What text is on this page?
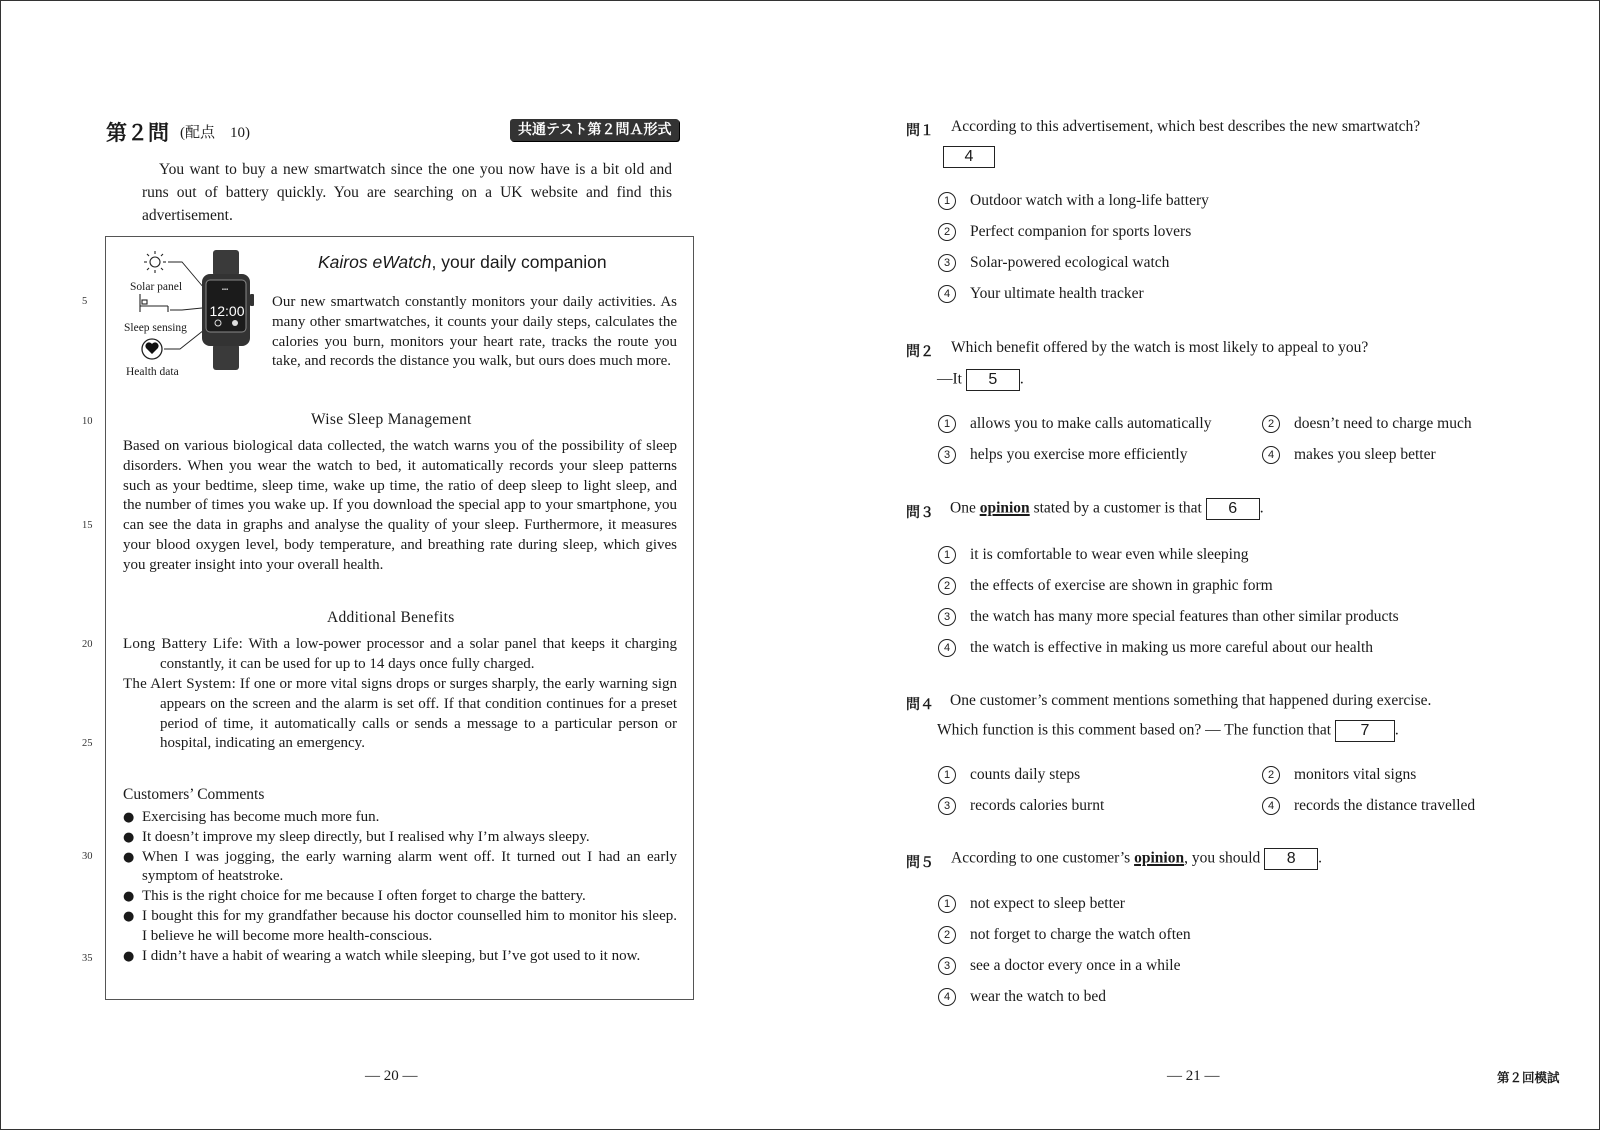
第２問 (配点　10)	共通テスト第２問Ａ形式
You want to buy a new smartwatch since the one you now have is a bit old and runs out of battery quickly. You are searching on a UK website and find this advertisement.
▪▪▪
12:00
Solar panel
Sleep sensing
Health data
Kairos eWatch, your daily companion
Our new smartwatch constantly monitors your daily activities. As many other smartwatches, it counts your daily steps, calculates the calories you burn, monitors your heart rate, tracks the route you take, and records the distance you walk, but ours does much more.
Wise Sleep Management
Based on various biological data collected, the watch warns you of the possibility of sleep disorders. When you wear the watch to bed, it automatically records your sleep patterns such as your bedtime, sleep time, wake up time, the ratio of deep sleep to light sleep, and the number of times you wake up. If you download the special app to your smartphone, you can see the data in graphs and analyse the quality of your sleep. Furthermore, it measures your blood oxygen level, body temperature, and breathing rate during sleep, which gives you greater insight into your overall health.
Additional Benefits
Long Battery Life: With a low-power processor and a solar panel that keeps it charging constantly, it can be used for up to 14 days once fully charged.
The Alert System: If one or more vital signs drops or surges sharply, the early warning sign appears on the screen and the alarm is set off. If that condition continues for a preset period of time, it automatically calls or sends a message to a particular person or hospital, indicating an emergency.
Customers’ Comments
● Exercising has become much more fun.
● It doesn’t improve my sleep directly, but I realised why I’m always sleepy.
● When I was jogging, the early warning alarm went off. It turned out I had an early symptom of heatstroke.
● This is the right choice for me because I often forget to charge the battery.
● I bought this for my grandfather because his doctor counselled him to monitor his sleep. I believe he will become more health-conscious.
● I didn’t have a habit of wearing a watch while sleeping, but I’ve got used to it now.
5
10
15
20
25
30
35
— 20 —
問１ According to this advertisement, which best describes the new smartwatch?
4
1 Outdoor watch with a long-life battery
2 Perfect companion for sports lovers
3 Solar-powered ecological watch
4 Your ultimate health tracker
問２ Which benefit offered by the watch is most likely to appeal to you?
—It 5 .
1 allows you to make calls automatically	2 doesn’t need to charge much
3 helps you exercise more efficiently	4 makes you sleep better
問３ One opinion stated by a customer is that 6 .
1 it is comfortable to wear even while sleeping
2 the effects of exercise are shown in graphic form
3 the watch has many more special features than other similar products
4 the watch is effective in making us more careful about our health
問４ One customer’s comment mentions something that happened during exercise.
Which function is this comment based on? — The function that 7 .
1 counts daily steps	2 monitors vital signs
3 records calories burnt	4 records the distance travelled
問５ According to one customer’s opinion, you should 8 .
1 not expect to sleep better
2 not forget to charge the watch often
3 see a doctor every once in a while
4 wear the watch to bed
— 21 —	第２回模試
